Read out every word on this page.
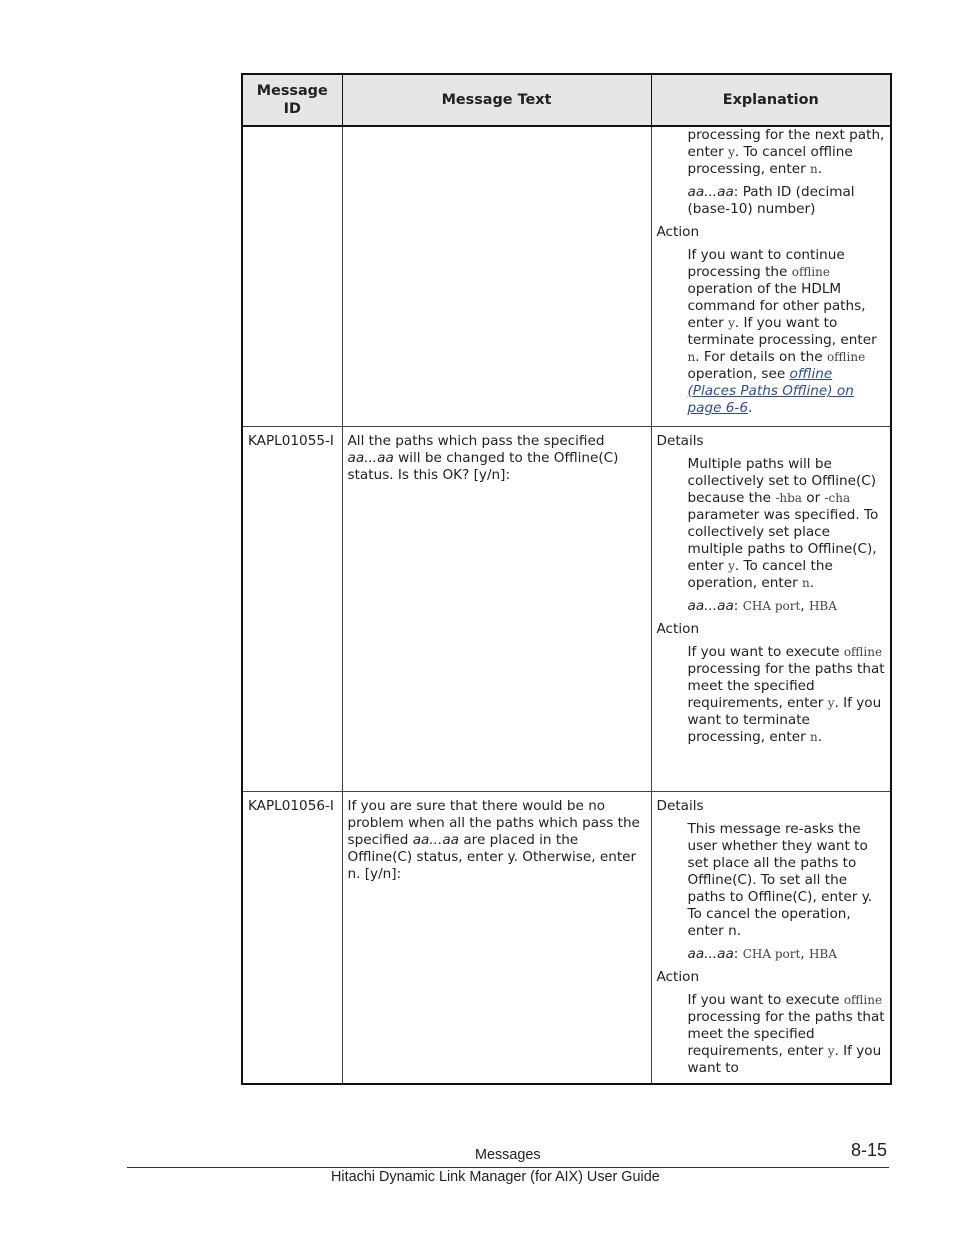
Message
ID	Message Text	Explanation

		processing for the next path, enter y. To cancel offline processing, enter n.

aa...aa: Path ID (decimal (base-10) number)

Action

If you want to continue processing the offline operation of the HDLM command for other paths, enter y. If you want to terminate processing, enter n. For details on the offline operation, see offline (Places Paths Offline) on page 6-6.

KAPL01055-I	All the paths which pass the specified aa...aa will be changed to the Offline(C) status. Is this OK? [y/n]:	Details

Multiple paths will be collectively set to Offline(C) because the -hba or -cha parameter was specified. To collectively set place multiple paths to Offline(C), enter y. To cancel the operation, enter n.

aa...aa: CHA port, HBA

Action

If you want to execute offline processing for the paths that meet the specified requirements, enter y. If you want to terminate processing, enter n.

KAPL01056-I	If you are sure that there would be no problem when all the paths which pass the specified aa...aa are placed in the Offline(C) status, enter y. Otherwise, enter n. [y/n]:	Details

This message re-asks the user whether they want to set place all the paths to Offline(C). To set all the paths to Offline(C), enter y. To cancel the operation, enter n.

aa...aa: CHA port, HBA

Action

If you want to execute offline processing for the paths that meet the specified requirements, enter y. If you want to

Messages	8-15
Hitachi Dynamic Link Manager (for AIX) User Guide
